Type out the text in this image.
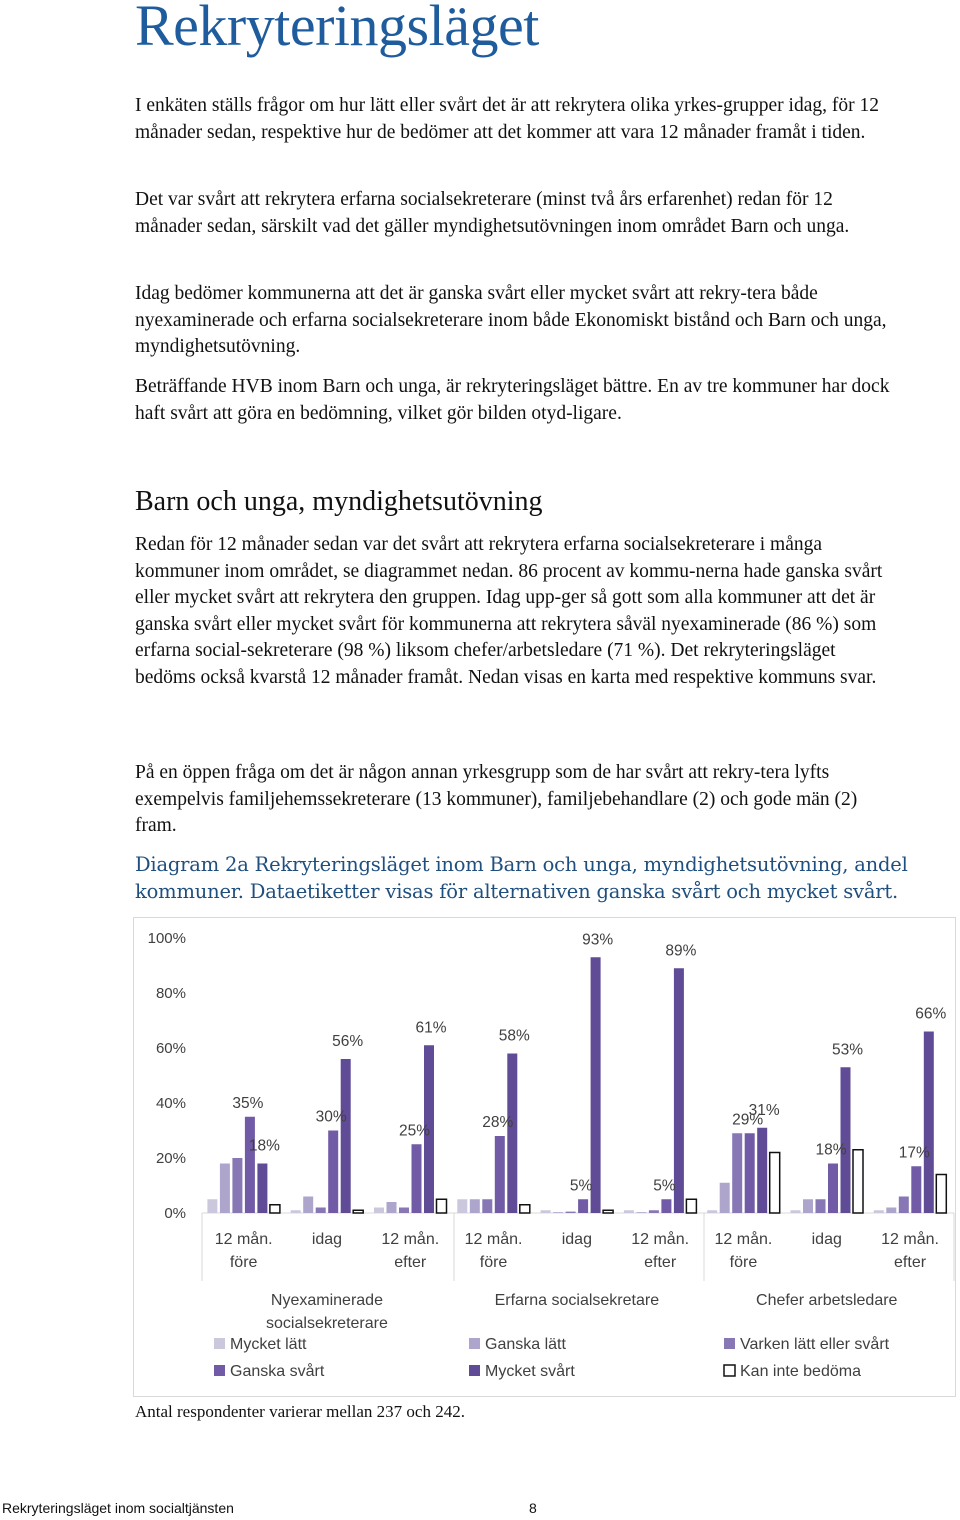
Rekryteringsläget

I enkäten ställs frågor om hur lätt eller svårt det är att rekrytera olika yrkes-grupper idag, för 12 månader sedan, respektive hur de bedömer att det kommer att vara 12 månader framåt i tiden.

Det var svårt att rekrytera erfarna socialsekreterare (minst två års erfarenhet) redan för 12 månader sedan, särskilt vad det gäller myndighetsutövningen inom området Barn och unga.

Idag bedömer kommunerna att det är ganska svårt eller mycket svårt att rekry-tera både nyexaminerade och erfarna socialsekreterare inom både Ekonomiskt bistånd och Barn och unga, myndighetsutövning.

Beträffande HVB inom Barn och unga, är rekryteringsläget bättre. En av tre kommuner har dock haft svårt att göra en bedömning, vilket gör bilden otyd-ligare.

Barn och unga, myndighetsutövning

Redan för 12 månader sedan var det svårt att rekrytera erfarna socialsekreterare i många kommuner inom området, se diagrammet nedan. 86 procent av kommu-nerna hade ganska svårt eller mycket svårt att rekrytera den gruppen. Idag upp-ger så gott som alla kommuner att det är ganska svårt eller mycket svårt för kommunerna att rekrytera såväl nyexaminerade (86 %) som erfarna social-sekreterare (98 %) liksom chefer/arbetsledare (71 %). Det rekryteringsläget bedöms också kvarstå 12 månader framåt. Nedan visas en karta med respektive kommuns svar.

På en öppen fråga om det är någon annan yrkesgrupp som de har svårt att rekry-tera lyfts exempelvis familjehemssekreterare (13 kommuner), familjebehandlare (2) och gode män (2) fram.

Diagram 2a Rekryteringsläget inom Barn och unga, myndighetsutövning, andel kommuner. Dataetiketter visas för alternativen ganska svårt och mycket svårt.

0%
20%
40%
60%
80%
100%
35%
18%
30%
56%
25%
61%
28%
58%
5%
93%
5%
89%
29%
31%
18%
53%
17%
66%
12 mån.
före
idag 12 mån.
efter
12 mån.
före
idag 12 mån.
efter
12 mån.
före
idag 12 mån.
efter
Nyexaminerade
socialsekreterare
Erfarna socialsekretare	Chefer arbetsledare
Mycket lätt	Ganska lätt	Varken lätt eller svårt
Ganska svårt	Mycket svårt	Kan inte bedöma

Antal respondenter varierar mellan 237 och 242.

Rekryteringsläget inom socialtjänsten	8
